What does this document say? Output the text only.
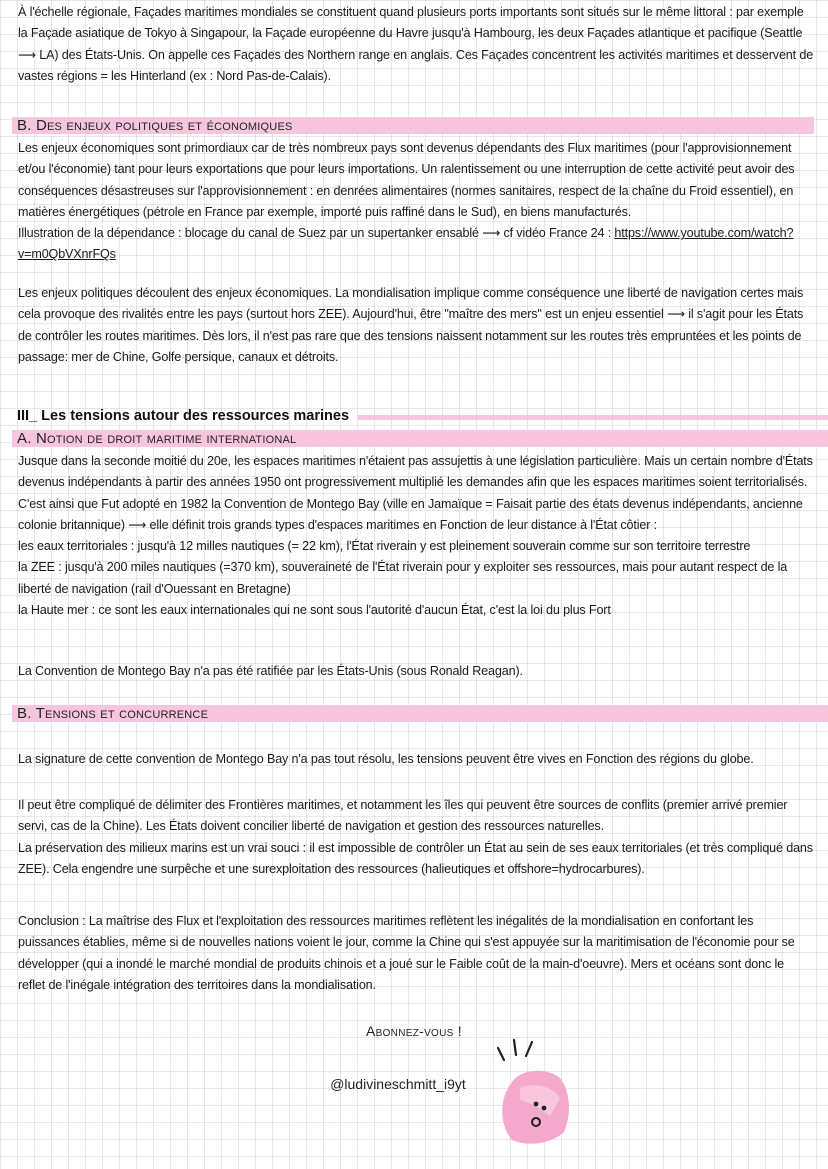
À l'échelle régionale, Façades maritimes mondiales se constituent quand plusieurs ports importants sont situés sur le même littoral : par exemple la Façade asiatique de Tokyo à Singapour, la Façade européenne du Havre jusqu'à Hambourg, les deux Façades atlantique et pacifique (Seattle ⟶ LA) des États-Unis. On appelle ces Façades des Northern range en anglais. Ces Façades concentrent les activités maritimes et desservent de vastes régions = les Hinterland (ex : Nord Pas-de-Calais).

B. Des enjeux politiques et économiques

Les enjeux économiques sont primordiaux car de très nombreux pays sont devenus dépendants des Flux maritimes (pour l'approvisionnement et/ou l'économie) tant pour leurs exportations que pour leurs importations. Un ralentissement ou une interruption de cette activité peut avoir des conséquences désastreuses sur l'approvisionnement : en denrées alimentaires (normes sanitaires, respect de la chaîne du Froid essentiel), en matières énergétiques (pétrole en France par exemple, importé puis raffiné dans le Sud), en biens manufacturés.

Illustration de la dépendance : blocage du canal de Suez par un supertanker ensablé ⟶ cf vidéo France 24 : https://www.youtube.com/watch?v=m0QbVXnrFQs

Les enjeux politiques découlent des enjeux économiques. La mondialisation implique comme conséquence une liberté de navigation certes mais cela provoque des rivalités entre les pays (surtout hors ZEE). Aujourd'hui, être "maître des mers" est un enjeu essentiel ⟶ il s'agit pour les États de contrôler les routes maritimes. Dès lors, il n'est pas rare que des tensions naissent notamment sur les routes très empruntées et les points de passage: mer de Chine, Golfe persique, canaux et détroits.

III_ Les tensions autour des ressources marines
A. Notion de droit maritime international

Jusque dans la seconde moitié du 20e, les espaces maritimes n'étaient pas assujettis à une législation particulière. Mais un certain nombre d'États devenus indépendants à partir des années 1950 ont progressivement multiplié les demandes afin que les espaces maritimes soient territorialisés. C'est ainsi que Fut adopté en 1982 la Convention de Montego Bay (ville en Jamaïque = Faisait partie des états devenus indépendants, ancienne colonie britannique) ⟶ elle définit trois grands types d'espaces maritimes en Fonction de leur distance à l'État côtier :

les eaux territoriales : jusqu'à 12 milles nautiques (= 22 km), l'État riverain y est pleinement souverain comme sur son territoire terrestre

la ZEE : jusqu'à 200 miles nautiques (=370 km), souveraineté de l'État riverain pour y exploiter ses ressources, mais pour autant respect de la liberté de navigation (rail d'Ouessant en Bretagne)

la Haute mer : ce sont les eaux internationales qui ne sont sous l'autorité d'aucun État, c'est la loi du plus Fort

La Convention de Montego Bay n'a pas été ratifiée par les États-Unis (sous Ronald Reagan).

B. Tensions et concurrence

La signature de cette convention de Montego Bay n'a pas tout résolu, les tensions peuvent être vives en Fonction des régions du globe.

Il peut être compliqué de délimiter des Frontières maritimes, et notamment les îles qui peuvent être sources de conflits (premier arrivé premier servi, cas de la Chine). Les États doivent concilier liberté de navigation et gestion des ressources naturelles.

La préservation des milieux marins est un vrai souci : il est impossible de contrôler un État au sein de ses eaux territoriales (et très compliqué dans ZEE). Cela engendre une surpêche et une surexploitation des ressources (halieutiques et offshore=hydrocarbures).

Conclusion : La maîtrise des Flux et l'exploitation des ressources maritimes reflètent les inégalités de la mondialisation en confortant les puissances établies, même si de nouvelles nations voient le jour, comme la Chine qui s'est appuyée sur la maritimisation de l'économie pour se développer (qui a inondé le marché mondial de produits chinois et a joué sur le Faible coût de la main-d'oeuvre). Mers et océans sont donc le reflet de l'inégale intégration des territoires dans la mondialisation.

Abonnez-vous !
@ludivineschmitt_i9yt
